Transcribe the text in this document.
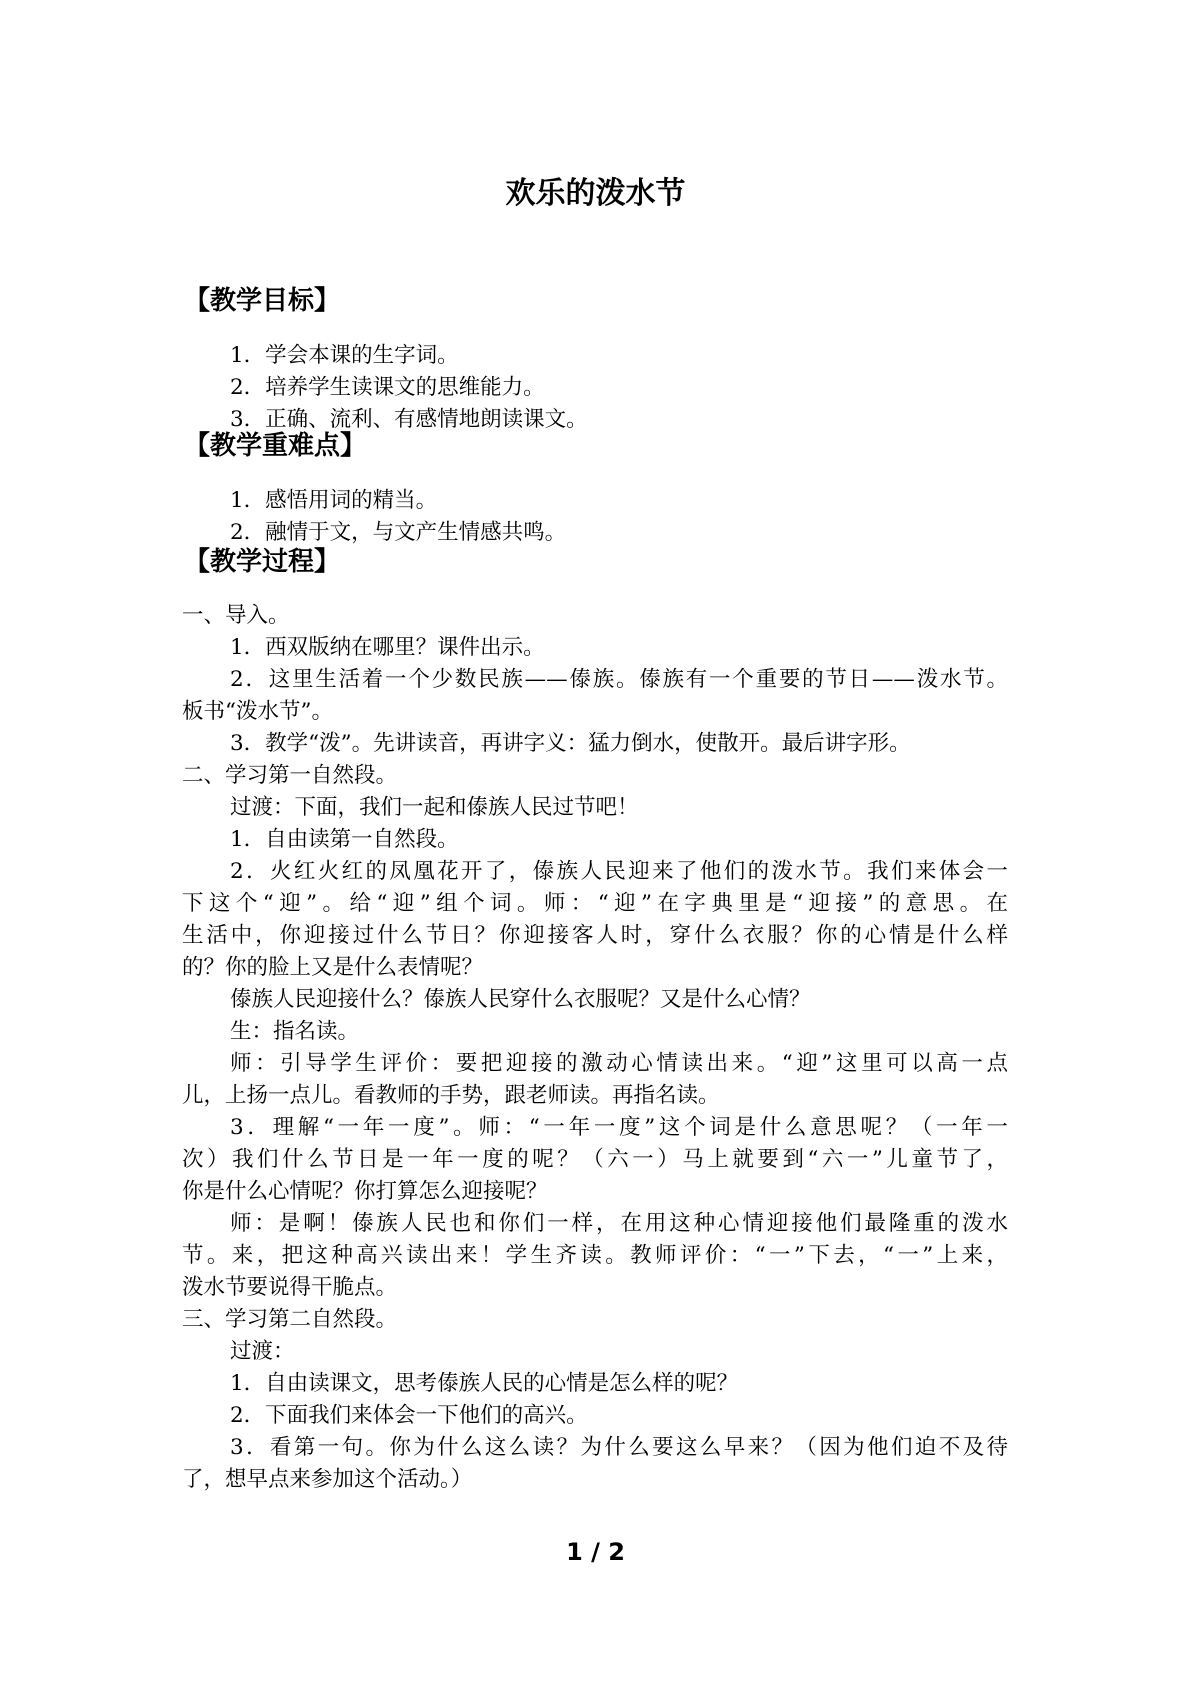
欢乐的泼水节
【教学目标】
1．学会本课的生字词。
2．培养学生读课文的思维能力。
3．正确、流利、有感情地朗读课文。
【教学重难点】
1．感悟用词的精当。
2．融情于文，与文产生情感共鸣。
【教学过程】
一、导入。
1．西双版纳在哪里？课件出示。
2．这里生活着一个少数民族——傣族。傣族有一个重要的节日——泼水节。
板书“泼水节”。
3．教学“泼”。先讲读音，再讲字义：猛力倒水，使散开。最后讲字形。
二、学习第一自然段。
过渡：下面，我们一起和傣族人民过节吧！
1．自由读第一自然段。
2．火红火红的凤凰花开了，傣族人民迎来了他们的泼水节。我们来体会一
下这个“迎”。给“迎”组个词。师：“迎”在字典里是“迎接”的意思。在
生活中，你迎接过什么节日？你迎接客人时，穿什么衣服？你的心情是什么样
的？你的脸上又是什么表情呢？
傣族人民迎接什么？傣族人民穿什么衣服呢？又是什么心情？
生：指名读。
师：引导学生评价：要把迎接的激动心情读出来。“迎”这里可以高一点
儿，上扬一点儿。看教师的手势，跟老师读。再指名读。
3．理解“一年一度”。师：“一年一度”这个词是什么意思呢？（一年一
次）我们什么节日是一年一度的呢？（六一）马上就要到“六一”儿童节了，
你是什么心情呢？你打算怎么迎接呢？
师：是啊！傣族人民也和你们一样，在用这种心情迎接他们最隆重的泼水
节。来，把这种高兴读出来！学生齐读。教师评价：“一”下去，“一”上来，
泼水节要说得干脆点。
三、学习第二自然段。
过渡：
1．自由读课文，思考傣族人民的心情是怎么样的呢？
2．下面我们来体会一下他们的高兴。
3．看第一句。你为什么这么读？为什么要这么早来？（因为他们迫不及待
了，想早点来参加这个活动。）
1 / 2
